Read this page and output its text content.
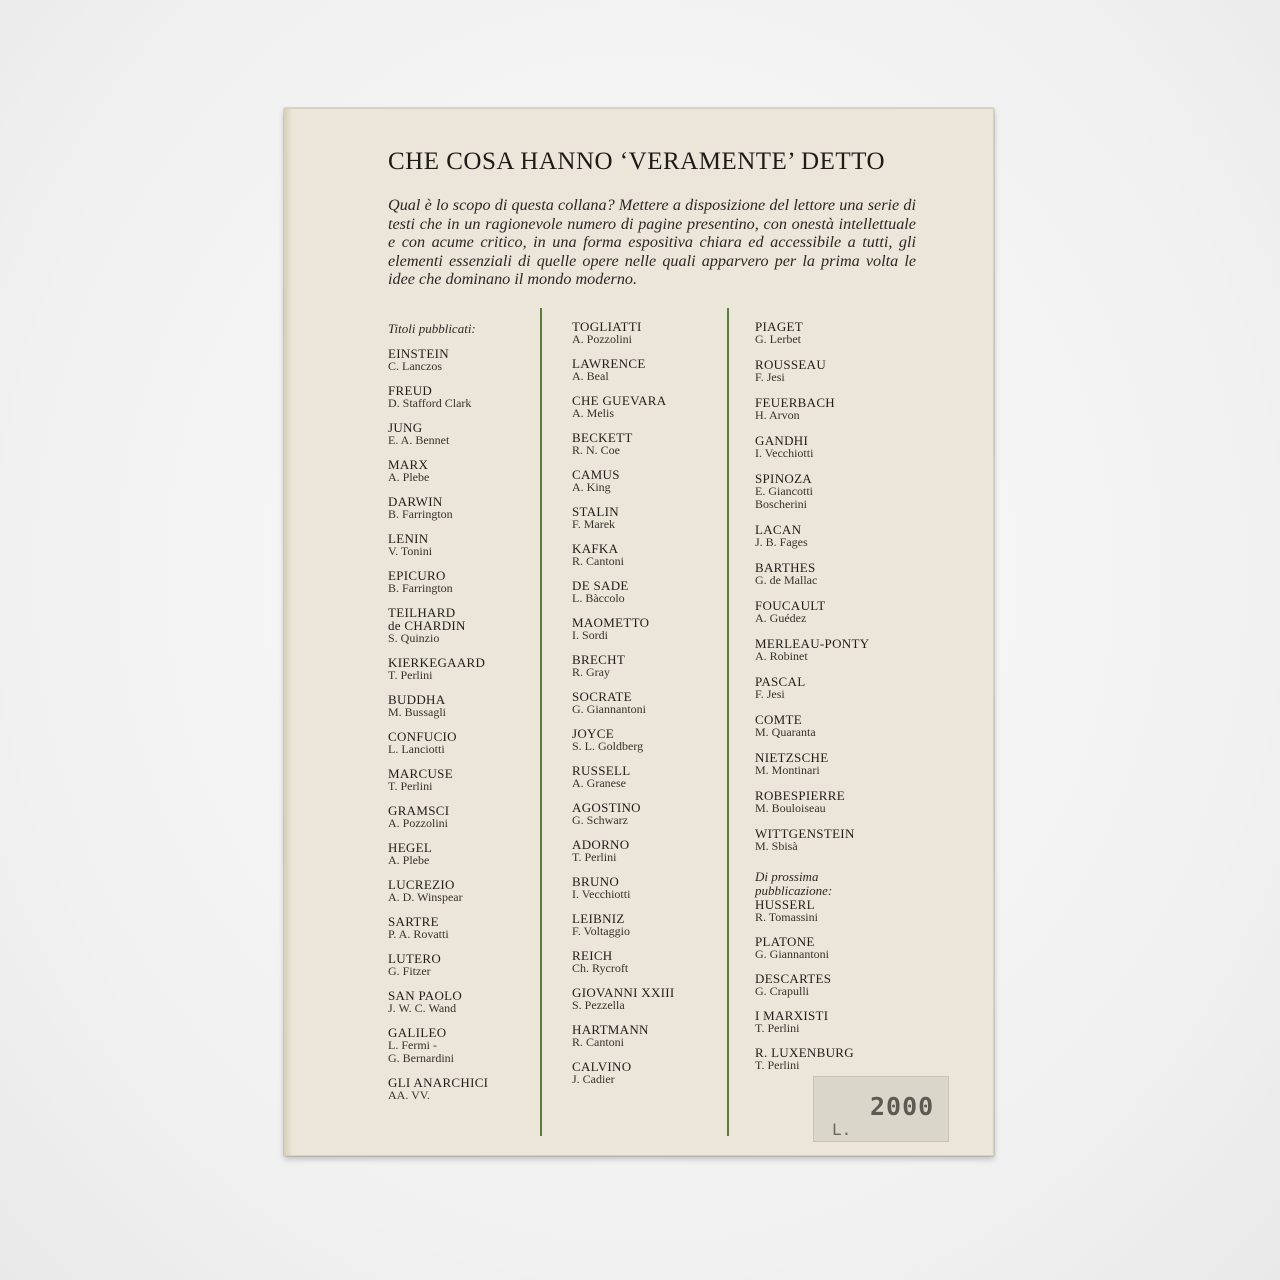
CHE COSA HANNO ‘VERAMENTE’ DETTO

Qual è lo scopo di questa collana? Mettere a disposizione del lettore una serie di testi che in un ragionevole numero di pagine presentino, con onestà intellettuale e con acume critico, in una forma espositiva chiara ed accessibile a tutti, gli elementi essenziali di quelle opere nelle quali apparvero per la prima volta le idee che dominano il mondo moderno.

Titoli pubblicati:

EINSTEIN
C. Lanczos
FREUD
D. Stafford Clark
JUNG
E. A. Bennet
MARX
A. Plebe
DARWIN
B. Farrington
LENIN
V. Tonini
EPICURO
B. Farrington
TEILHARD
de CHARDIN
S. Quinzio
KIERKEGAARD
T. Perlini
BUDDHA
M. Bussagli
CONFUCIO
L. Lanciotti
MARCUSE
T. Perlini
GRAMSCI
A. Pozzolini
HEGEL
A. Plebe
LUCREZIO
A. D. Winspear
SARTRE
P. A. Rovatti
LUTERO
G. Fitzer
SAN PAOLO
J. W. C. Wand
GALILEO
L. Fermi -
G. Bernardini
GLI ANARCHICI
AA. VV.
TOGLIATTI
A. Pozzolini
LAWRENCE
A. Beal
CHE GUEVARA
A. Melis
BECKETT
R. N. Coe
CAMUS
A. King
STALIN
F. Marek
KAFKA
R. Cantoni
DE SADE
L. Bàccolo
MAOMETTO
I. Sordi
BRECHT
R. Gray
SOCRATE
G. Giannantoni
JOYCE
S. L. Goldberg
RUSSELL
A. Granese
AGOSTINO
G. Schwarz
ADORNO
T. Perlini
BRUNO
I. Vecchiotti
LEIBNIZ
F. Voltaggio
REICH
Ch. Rycroft
GIOVANNI XXIII
S. Pezzella
HARTMANN
R. Cantoni
CALVINO
J. Cadier
PIAGET
G. Lerbet
ROUSSEAU
F. Jesi
FEUERBACH
H. Arvon
GANDHI
I. Vecchiotti
SPINOZA
E. Giancotti
Boscherini
LACAN
J. B. Fages
BARTHES
G. de Mallac
FOUCAULT
A. Guédez
MERLEAU-PONTY
A. Robinet
PASCAL
F. Jesi
COMTE
M. Quaranta
NIETZSCHE
M. Montinari
ROBESPIERRE
M. Bouloiseau
WITTGENSTEIN
M. Sbisà

Di prossima

pubblicazione:

HUSSERL
R. Tomassini
PLATONE
G. Giannantoni
DESCARTES
G. Crapulli
I MARXISTI
T. Perlini
R. LUXENBURG
T. Perlini

2000

L.
